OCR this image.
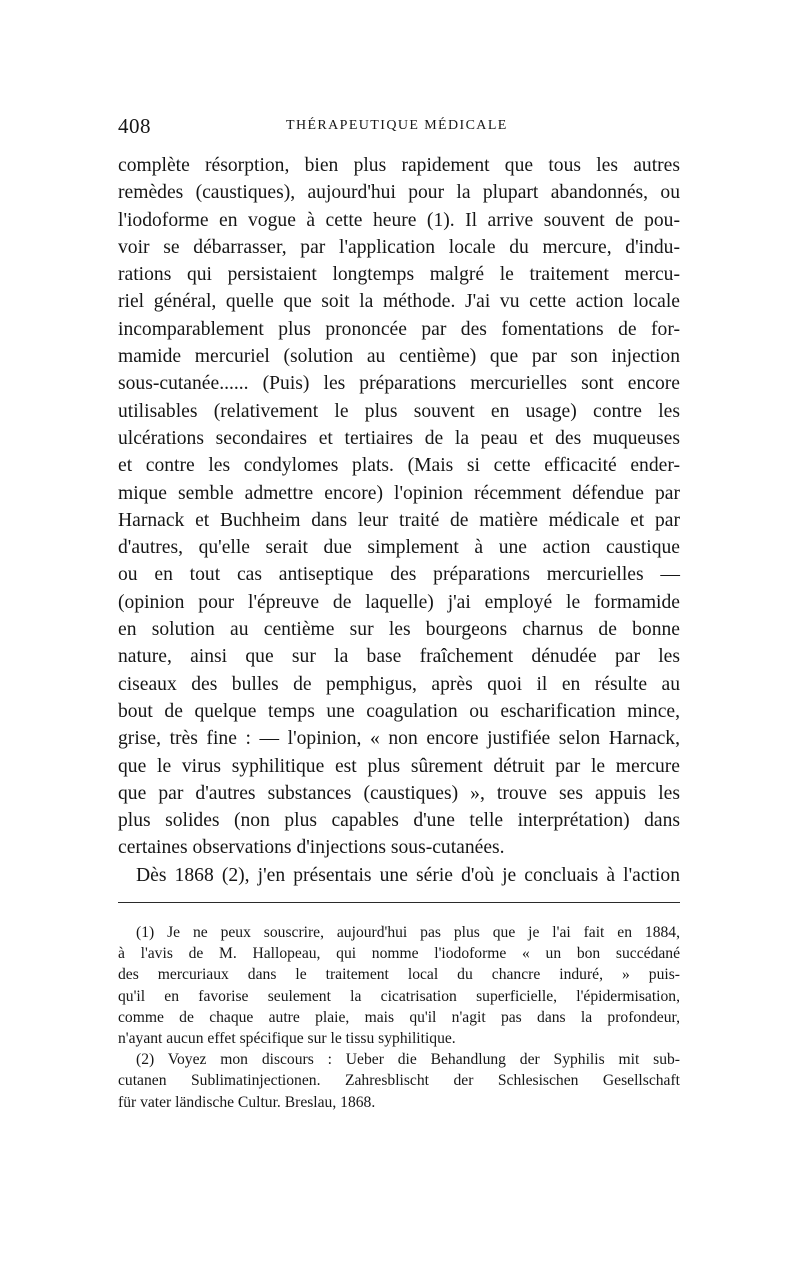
408	THÉRAPEUTIQUE MÉDICALE
complète résorption, bien plus rapidement que tous les autres
remèdes (caustiques), aujourd'hui pour la plupart abandonnés, ou
l'iodoforme en vogue à cette heure (1). Il arrive souvent de pou-
voir se débarrasser, par l'application locale du mercure, d'indu-
rations qui persistaient longtemps malgré le traitement mercu-
riel général, quelle que soit la méthode. J'ai vu cette action locale
incomparablement plus prononcée par des fomentations de for-
mamide mercuriel (solution au centième) que par son injection
sous-cutanée...... (Puis) les préparations mercurielles sont encore
utilisables (relativement le plus souvent en usage) contre les
ulcérations secondaires et tertiaires de la peau et des muqueuses
et contre les condylomes plats. (Mais si cette efficacité ender-
mique semble admettre encore) l'opinion récemment défendue par
Harnack et Buchheim dans leur traité de matière médicale et par
d'autres, qu'elle serait due simplement à une action caustique
ou en tout cas antiseptique des préparations mercurielles —
(opinion pour l'épreuve de laquelle) j'ai employé le formamide
en solution au centième sur les bourgeons charnus de bonne
nature, ainsi que sur la base fraîchement dénudée par les
ciseaux des bulles de pemphigus, après quoi il en résulte au
bout de quelque temps une coagulation ou escharification mince,
grise, très fine : — l'opinion, « non encore justifiée selon Harnack,
que le virus syphilitique est plus sûrement détruit par le mercure
que par d'autres substances (caustiques) », trouve ses appuis les
plus solides (non plus capables d'une telle interprétation) dans
certaines observations d'injections sous-cutanées.
Dès 1868 (2), j'en présentais une série d'où je concluais à l'action
(1) Je ne peux souscrire, aujourd'hui pas plus que je l'ai fait en 1884,
à l'avis de M. Hallopeau, qui nomme l'iodoforme « un bon succédané
des mercuriaux dans le traitement local du chancre induré, » puis-
qu'il en favorise seulement la cicatrisation superficielle, l'épidermisation,
comme de chaque autre plaie, mais qu'il n'agit pas dans la profondeur,
n'ayant aucun effet spécifique sur le tissu syphilitique.
(2) Voyez mon discours : Ueber die Behandlung der Syphilis mit sub-
cutanen Sublimatinjectionen. Zahresblischt der Schlesischen Gesellschaft
für vater ländische Cultur. Breslau, 1868.
